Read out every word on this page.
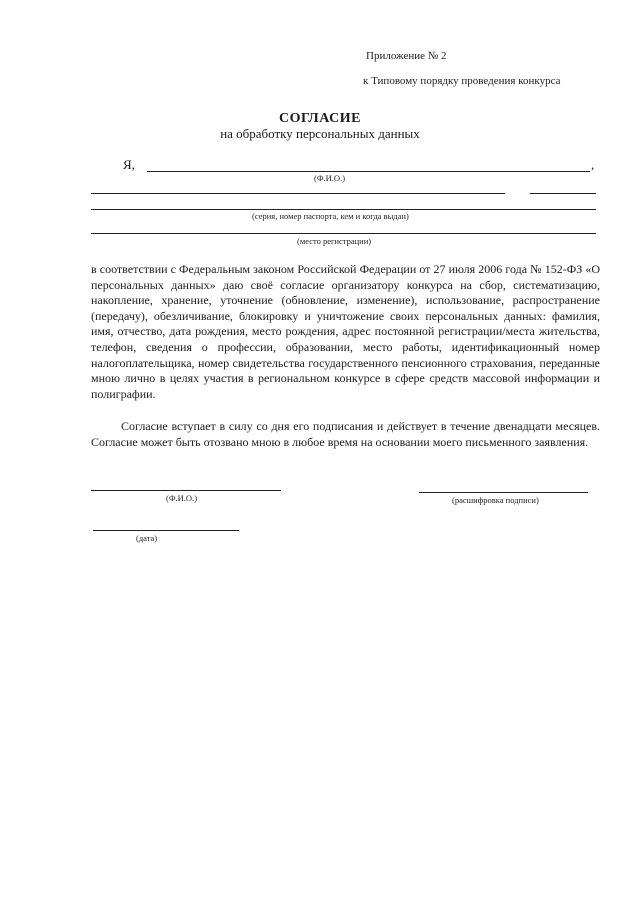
Приложение № 2
к Типовому порядку проведения конкурса
СОГЛАСИЕ
на обработку персональных данных
Я,	,
(Ф.И.О.)
(серия, номер паспорта, кем и когда выдан)
(место регистрации)
в соответствии с Федеральным законом Российской Федерации от 27 июля 2006 года № 152-ФЗ «О персональных данных» даю своё согласие организатору конкурса на сбор, систематизацию, накопление, хранение, уточнение (обновление, изменение), использование, распространение (передачу), обезличивание, блокировку и уничтожение своих персональных данных: фамилия, имя, отчество, дата рождения, место рождения, адрес постоянной регистрации/места жительства, телефон, сведения о профессии, образовании, место работы, идентификационный номер налогоплательщика, номер свидетельства государственного пенсионного страхования, переданные мною лично в целях участия в региональном конкурсе в сфере средств массовой информации и полиграфии.
Согласие вступает в силу со дня его подписания и действует в течение двенадцати месяцев. Согласие может быть отозвано мною в любое время на основании моего письменного заявления.
(Ф.И.О.)	(расшифровка подписи)
(дата)
